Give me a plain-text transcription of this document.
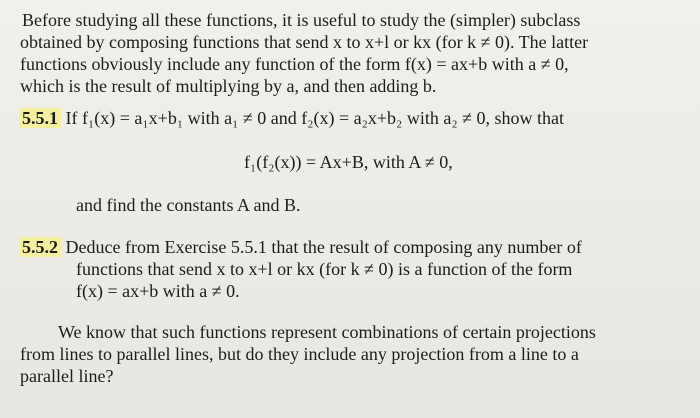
Before studying all these functions, it is useful to study the (simpler) subclass
obtained by composing functions that send x to x+l or kx (for k ≠ 0). The latter
functions obviously include any function of the form f(x) = ax+b with a ≠ 0,
which is the result of multiplying by a, and then adding b.
5.5.1 If f₁(x) = a₁x+b₁ with a₁ ≠ 0 and f₂(x) = a₂x+b₂ with a₂ ≠ 0, show that
f₁(f₂(x)) = Ax+B, with A ≠ 0,
and find the constants A and B.
5.5.2 Deduce from Exercise 5.5.1 that the result of composing any number of
functions that send x to x+l or kx (for k ≠ 0) is a function of the form
f(x) = ax+b with a ≠ 0.
We know that such functions represent combinations of certain projections
from lines to parallel lines, but do they include any projection from a line to a
parallel line?
